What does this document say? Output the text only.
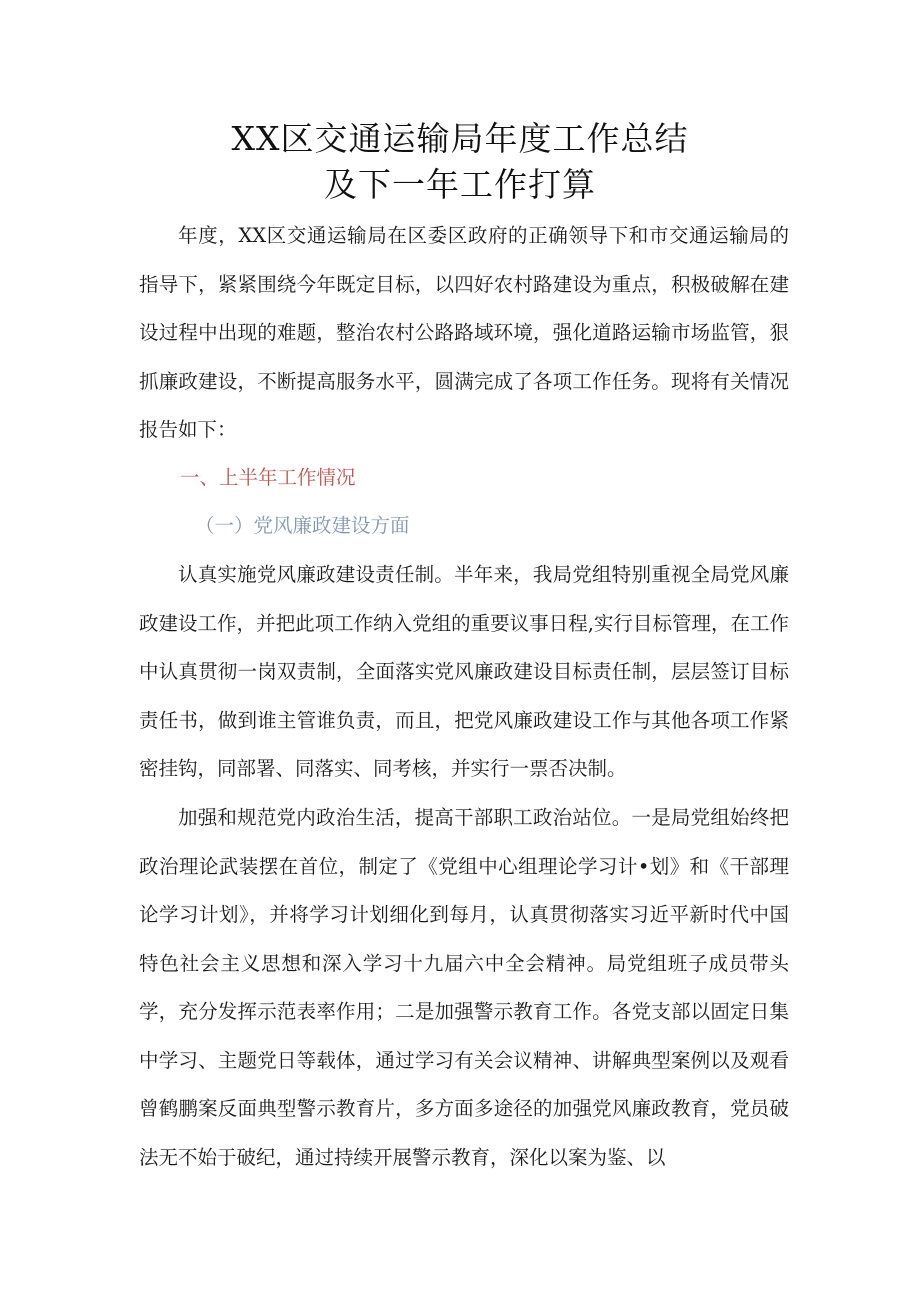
XX区交通运输局年度工作总结
及下一年工作打算

年度，XX区交通运输局在区委区政府的正确领导下和市交通运输局的指导下，紧紧围绕今年既定目标，以四好农村路建设为重点，积极破解在建设过程中出现的难题，整治农村公路路域环境，强化道路运输市场监管，狠抓廉政建设，不断提高服务水平，圆满完成了各项工作任务。现将有关情况报告如下：

一、上半年工作情况
（一）党风廉政建设方面

认真实施党风廉政建设责任制。半年来，我局党组特别重视全局党风廉政建设工作，并把此项工作纳入党组的重要议事日程,实行目标管理，在工作中认真贯彻一岗双责制，全面落实党风廉政建设目标责任制，层层签订目标责任书，做到谁主管谁负责，而且，把党风廉政建设工作与其他各项工作紧密挂钩，同部署、同落实、同考核，并实行一票否决制。

加强和规范党内政治生活，提高干部职工政治站位。一是局党组始终把政治理论武装摆在首位，制定了《党组中心组理论学习计•划》和《干部理论学习计划》，并将学习计划细化到每月，认真贯彻落实习近平新时代中国特色社会主义思想和深入学习十九届六中全会精神。局党组班子成员带头学，充分发挥示范表率作用；二是加强警示教育工作。各党支部以固定日集中学习、主题党日等载体，通过学习有关会议精神、讲解典型案例以及观看曾鹤鹏案反面典型警示教育片，多方面多途径的加强党风廉政教育，党员破法无不始于破纪，通过持续开展警示教育，深化以案为鉴、以
